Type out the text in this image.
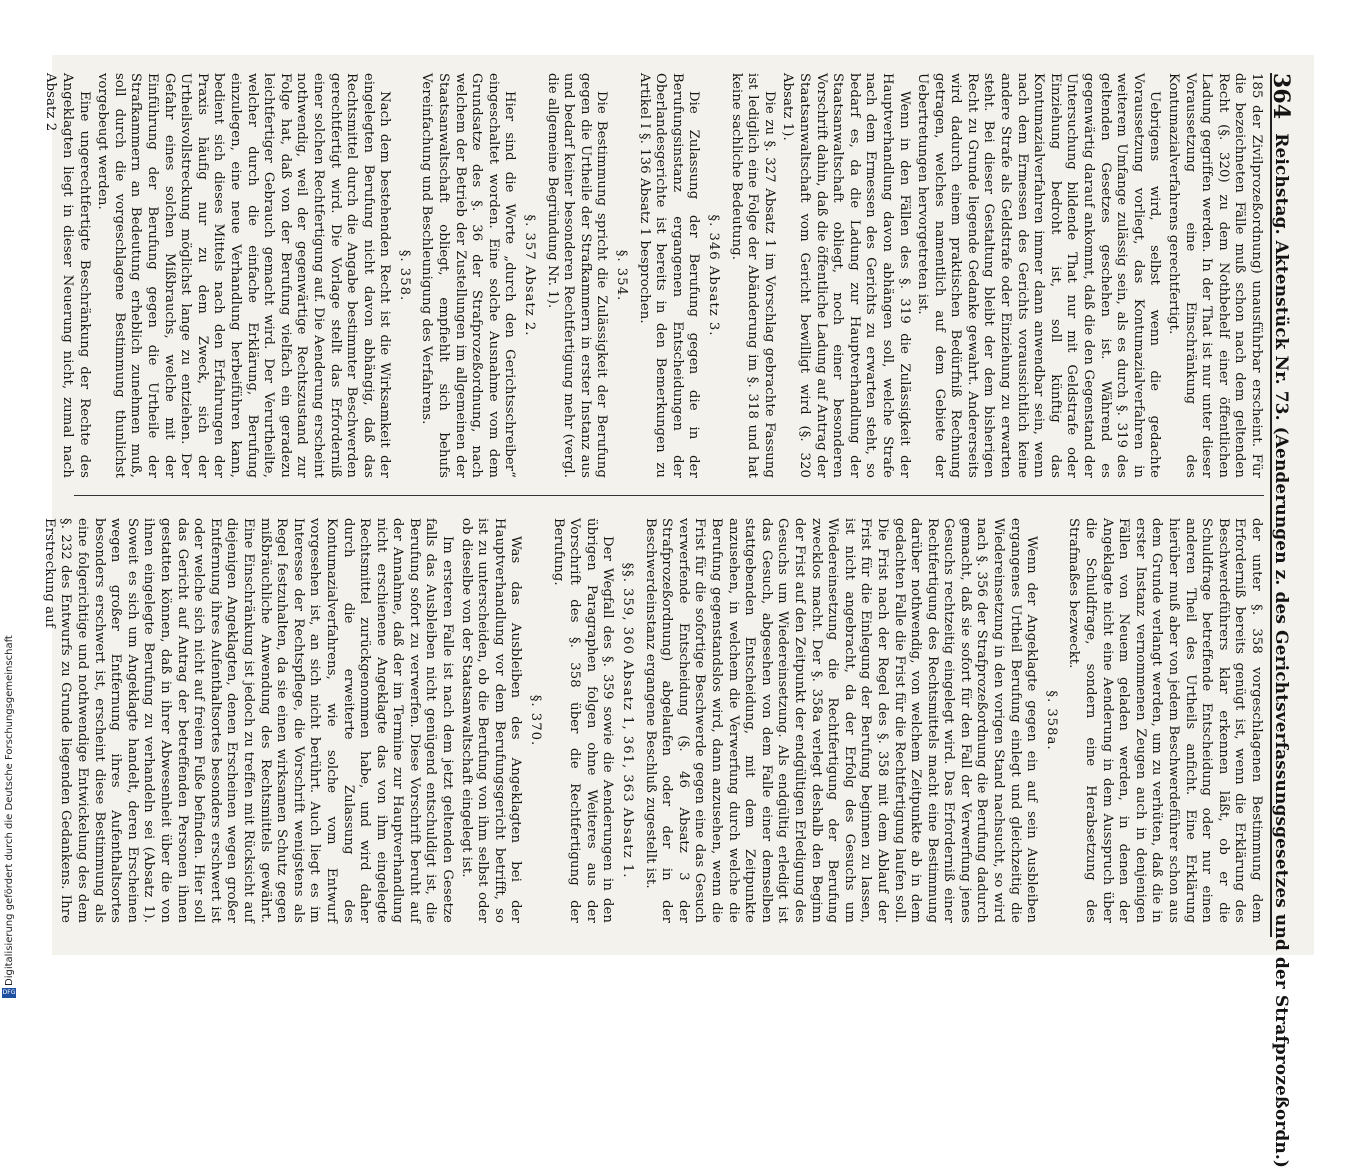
364
Reichstag. Aktenstück Nr. 73. (Aenderungen z. des Gerichtsverfassungsgesetzes und der Strafprozeßordn.)

185 der Zivilprozeßordnung) unausführbar erscheint. Für die bezeichneten Fälle muß schon nach dem geltenden Recht (§. 320) zu dem Nothbehelf einer öffentlichen Ladung gegriffen werden. In der That ist nur unter dieser Voraussetzung eine Einschränkung des Kontumazialverfahrens gerechtfertigt.

Uebrigens wird, selbst wenn die gedachte Voraussetzung vorliegt, das Kontumazialverfahren in weiterem Umfange zulässig sein, als es durch §. 319 des geltenden Gesetzes geschehen ist. Während es gegenwärtig darauf ankommt, daß die den Gegenstand der Untersuchung bildende That nur mit Geldstrafe oder Einziehung bedroht ist, soll künftig das Kontumazialverfahren immer dann anwendbar sein, wenn nach dem Ermessen des Gerichts voraussichtlich keine andere Strafe als Geldstrafe oder Einziehung zu erwarten steht. Bei dieser Gestaltung bleibt der dem bisherigen Recht zu Grunde liegende Gedanke gewahrt. Andererseits wird dadurch einem praktischen Bedürfniß Rechnung getragen, welches namentlich auf dem Gebiete der Uebertretungen hervorgetreten ist.

Wenn in den Fällen des §. 319 die Zulässigkeit der Hauptverhandlung davon abhängen soll, welche Strafe nach dem Ermessen des Gerichts zu erwarten steht, so bedarf es, da die Ladung zur Hauptverhandlung der Staatsanwaltschaft obliegt, noch einer besonderen Vorschrift dahin, daß die öffentliche Ladung auf Antrag der Staatsanwaltschaft vom Gericht bewilligt wird (§. 320 Absatz 1).

Die zu §. 327 Absatz 1 im Vorschlag gebrachte Fassung ist lediglich eine Folge der Abänderung im §. 318 und hat keine sachliche Bedeutung.

§. 346 Absatz 3.

Die Zulassung der Berufung gegen die in der Berufungsinstanz ergangenen Entscheidungen der Oberlandesgerichte ist bereits in den Bemerkungen zu Artikel I §. 136 Absatz 1 besprochen.

§. 354.

Die Bestimmung spricht die Zulässigkeit der Berufung gegen die Urtheile der Strafkammern in erster Instanz aus und bedarf keiner besonderen Rechtfertigung mehr (vergl. die allgemeine Begründung Nr. 1).

§. 357 Absatz 2.

Hier sind die Worte „durch den Gerichtsschreiber“ eingeschaltet worden. Eine solche Ausnahme vom dem Grundsatze des §. 36 der Strafprozeßordnung, nach welchem der Betrieb der Zustellungen im allgemeinen der Staatsanwaltschaft obliegt, empfiehlt sich behufs Vereinfachung und Beschleunigung des Verfahrens.

§. 358.

Nach dem bestehenden Recht ist die Wirksamkeit der eingelegten Berufung nicht davon abhängig, daß das Rechtsmittel durch die Angabe bestimmter Beschwerden gerechtfertigt wird. Die Vorlage stellt das Erforderniß einer solchen Rechtfertigung auf. Die Aenderung erscheint nothwendig, weil der gegenwärtige Rechtszustand zur Folge hat, daß von der Berufung vielfach ein geradezu leichtfertiger Gebrauch gemacht wird. Der Verurtheilte, welcher durch die einfache Erklärung, Berufung einzulegen, eine neue Verhandlung herbeiführen kann, bedient sich dieses Mittels nach den Erfahrungen der Praxis häufig nur zu dem Zweck, sich der Urtheilsvollstreckung möglichst lange zu entziehen. Der Gefahr eines solchen Mißbrauchs, welche mit der Einführung der Berufung gegen die Urtheile der Strafkammern an Bedeutung erheblich zunehmen muß, soll durch die vorgeschlagene Bestimmung thunlichst vorgebeugt werden.

Eine ungerechtfertigte Beschränkung der Rechte des Angeklagten liegt in dieser Neuerung nicht, zumal nach Absatz 2

der unter §. 358 vorgeschlagenen Bestimmung dem Erforderniß bereits genügt ist, wenn die Erklärung des Beschwerdeführers klar erkennen läßt, ob er die Schuldfrage betreffende Entscheidung oder nur einen anderen Theil des Urtheils anficht. Eine Erklärung hierüber muß aber von jedem Beschwerdeführer schon aus dem Grunde verlangt werden, um zu verhüten, daß die in erster Instanz vernommenen Zeugen auch in denjenigen Fällen von Neuem geladen werden, in denen der Angeklagte nicht eine Aenderung in dem Ausspruch über die Schuldfrage, sondern eine Herabsetzung des Strafmaßes bezweckt.

§. 358a.

Wenn der Angeklagte gegen ein auf sein Ausbleiben ergangenes Urtheil Berufung einlegt und gleichzeitig die Wiedereinsetzung in den vorigen Stand nachsucht, so wird nach §. 356 der Strafprozeßordnung die Berufung dadurch gemacht, daß sie sofort für den Fall der Verwerfung jenes Gesuchs rechtzeitig eingelegt wird. Das Erforderniß einer Rechtfertigung des Rechtsmittels macht eine Bestimmung darüber nothwendig, von welchem Zeitpunkte ab in dem gedachten Falle die Frist für die Rechtfertigung laufen soll. Die Frist nach der Regel des §. 358 mit dem Ablauf der Frist für die Einlegung der Berufung beginnen zu lassen, ist nicht angebracht, da der Erfolg des Gesuchs um Wiedereinsetzung die Rechtfertigung der Berufung zwecklos macht. Der §. 358a verlegt deshalb den Beginn der Frist auf den Zeitpunkt der endgültigen Erledigung des Gesuchs um Wiedereinsetzung. Als endgültig erledigt ist das Gesuch, abgesehen von dem Falle einer demselben stattgebenden Entscheidung, mit dem Zeitpunkte anzusehen, in welchem die Verwerfung durch welche die Berufung gegenstandslos wird, dann anzusehen, wenn die Frist für die sofortige Beschwerde gegen eine das Gesuch verwerfende Entscheidung (§. 46 Absatz 3 der Strafprozeßordnung) abgelaufen oder der in der Beschwerdeinstanz ergangene Beschluß zugestellt ist.

§§. 359, 360 Absatz 1, 361, 363 Absatz 1.

Der Wegfall des §. 359 sowie die Aenderungen in den übrigen Paragraphen folgen ohne Weiteres aus der Vorschrift des §. 358 über die Rechtfertigung der Berufung.

§. 370.

Was das Ausbleiben des Angeklagten bei der Hauptverhandlung vor dem Berufungsgericht betrifft, so ist zu unterscheiden, ob die Berufung von ihm selbst oder ob dieselbe von der Staatsanwaltschaft eingelegt ist.

Im ersteren Falle ist nach dem jetzt geltenden Gesetze falls das Ausbleiben nicht genügend entschuldigt ist, die Berufung sofort zu verwerfen. Diese Vorschrift beruht auf der Annahme, daß der im Termine zur Hauptverhandlung nicht erschienene Angeklagte das von ihm eingelegte Rechtsmittel zurückgenommen habe, und wird daher durch die erweiterte Zulassung des Kontumazialverfahrens, wie solche vom Entwurf vorgesehen ist, an sich nicht berührt. Auch liegt es im Interesse der Rechtspflege, die Vorschrift wenigstens als Regel festzuhalten, da sie einen wirksamen Schutz gegen mißbräuchliche Anwendung des Rechtsmittels gewährt. Eine Einschränkung ist jedoch zu treffen mit Rücksicht auf diejenigen Angeklagten, denen Erscheinen wegen großer Entfernung ihres Aufenthaltsortes besonders erschwert ist oder welche sich nicht auf freiem Fuße befinden. Hier soll das Gericht auf Antrag der betreffenden Personen ihnen gestatten können, daß in ihrer Abwesenheit über die von ihnen eingelegte Berufung zu verhandeln sei (Absatz 1). Soweit es sich um Angeklagte handelt, deren Erscheinen wegen großer Entfernung ihres Aufenthaltsortes besonders erschwert ist, erscheint diese Bestimmung als eine folgerichtige und nothwendige Entwickelung des dem §. 232 des Entwurfs zu Grunde liegenden Gedankens. Ihre Erstreckung auf

Digitalisierung gefördert durch die Deutsche Forschungsgemeinschaft
DFG
